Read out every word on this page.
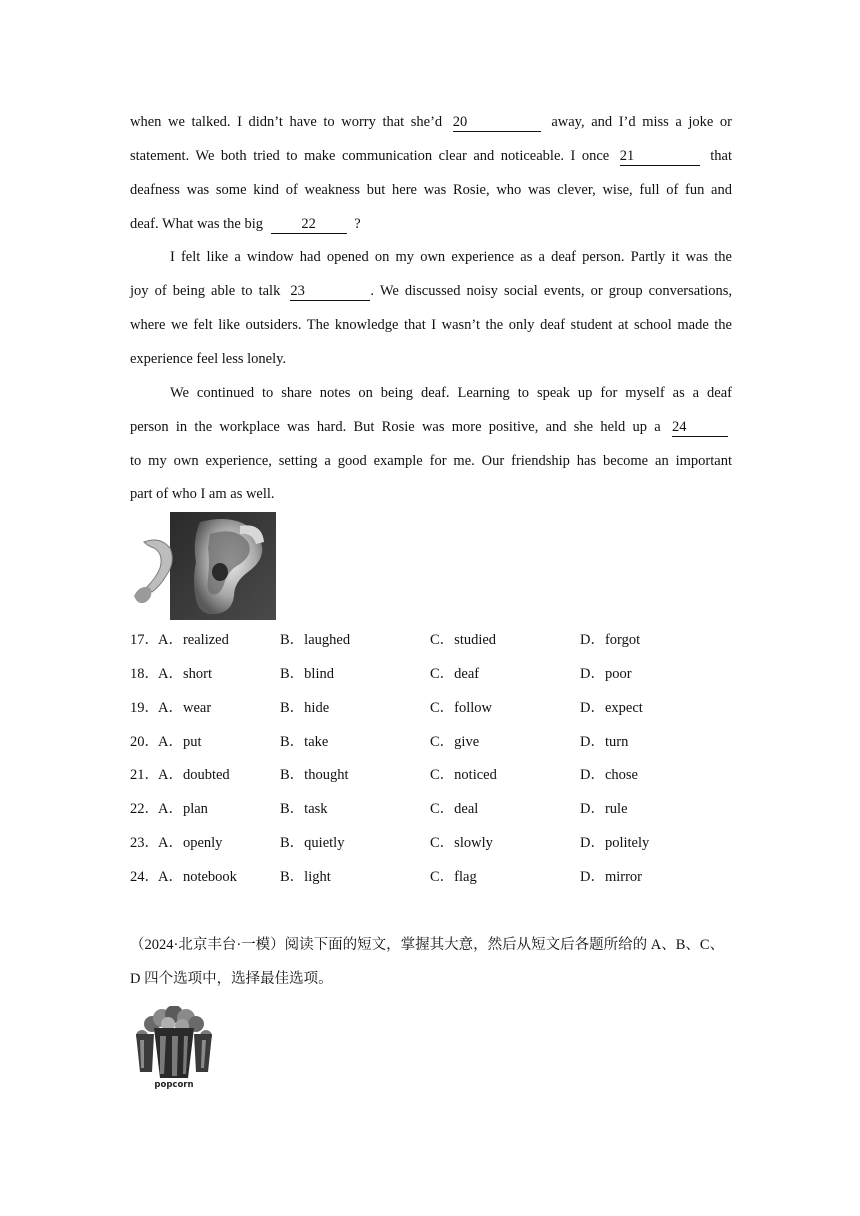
when we talked. I didn’t have to worry that she’d 20	away, and I’d miss a joke or
statement. We both tried to make communication clear and noticeable. I once 21	that
deafness was some kind of weakness but here was Rosie, who was clever, wise, full of fun and
deaf. What was the big	22	?
I felt like a window had opened on my own experience as a deaf person. Partly it was the
joy of being able to talk 23	. We discussed noisy social events, or group conversations,
where we felt like outsiders. The knowledge that I wasn’t the only deaf student at school made the
experience feel less lonely.
We continued to share notes on being deaf. Learning to speak up for myself as a deaf
person in the workplace was hard. But Rosie was more positive, and she held up a 24
to my own experience, setting a good example for me. Our friendship has become an important
part of who I am as well.
17． A．realized	B．laughed	C．studied	D．forgot
18． A．short	B．blind	C．deaf	D．poor
19． A．wear	B．hide	C．follow	D．expect
20． A．put	B．take	C．give	D．turn
21． A．doubted	B．thought	C．noticed	D．chose
22． A．plan	B．task	C．deal	D．rule
23． A．openly	B．quietly	C．slowly	D．politely
24． A．notebook	B．light	C．flag	D．mirror
（2024·北京丰台·一模）阅读下面的短文，掌握其大意，然后从短文后各题所给的 A、B、C、
D 四个选项中，选择最佳选项。
popcorn
